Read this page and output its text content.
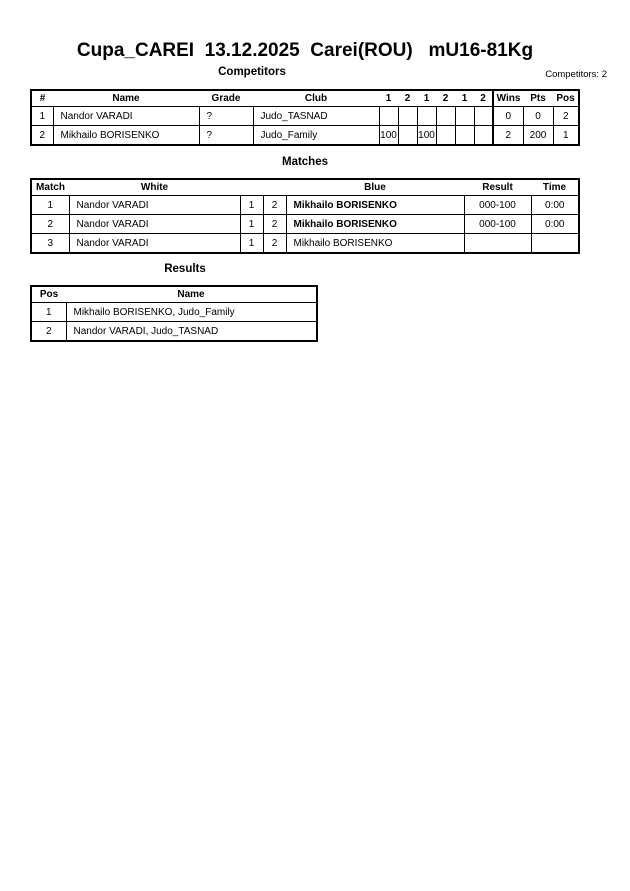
Cupa_CAREI  13.12.2025  Carei(ROU)   mU16-81Kg
Competitors	Competitors: 2
#	Name	Grade	Club	1	2	1	2	1	2	Wins	Pts	Pos
1	Nandor VARADI	?	Judo_TASNAD							0	0	2
2	Mikhailo BORISENKO	?	Judo_Family	100		100				2	200	1
Matches
Match	White			Blue	Result	Time
1	Nandor VARADI	1	2	Mikhailo BORISENKO	000-100	0:00
2	Nandor VARADI	1	2	Mikhailo BORISENKO	000-100	0:00
3	Nandor VARADI	1	2	Mikhailo BORISENKO		
Results
Pos	Name
1	Mikhailo BORISENKO, Judo_Family
2	Nandor VARADI, Judo_TASNAD
